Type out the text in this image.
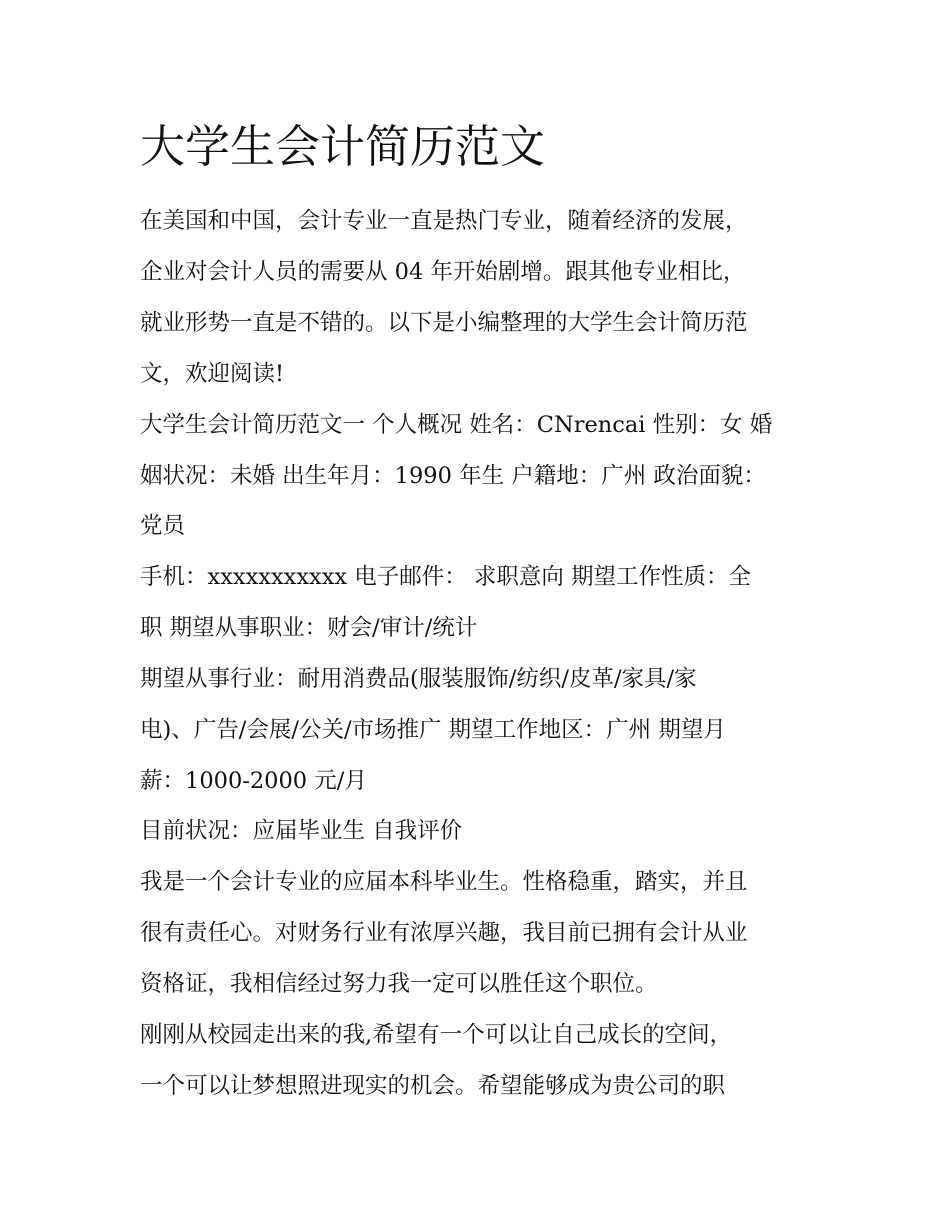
大学生会计简历范文

在美国和中国，会计专业一直是热门专业，随着经济的发展，

企业对会计人员的需要从 04 年开始剧增。跟其他专业相比，

就业形势一直是不错的。以下是小编整理的大学生会计简历范

文，欢迎阅读!

大学生会计简历范文一 个人概况 姓名：CNrencai 性别：女 婚

姻状况：未婚 出生年月：1990 年生 户籍地：广州 政治面貌：

党员

手机：xxxxxxxxxxx 电子邮件： 求职意向 期望工作性质：全

职 期望从事职业：财会/审计/统计

期望从事行业：耐用消费品(服装服饰/纺织/皮革/家具/家

电)、广告/会展/公关/市场推广 期望工作地区：广州 期望月

薪：1000-2000 元/月

目前状况：应届毕业生 自我评价

我是一个会计专业的应届本科毕业生。性格稳重，踏实，并且

很有责任心。对财务行业有浓厚兴趣，我目前已拥有会计从业

资格证，我相信经过努力我一定可以胜任这个职位。

刚刚从校园走出来的我,希望有一个可以让自己成长的空间，

一个可以让梦想照进现实的机会。希望能够成为贵公司的职
